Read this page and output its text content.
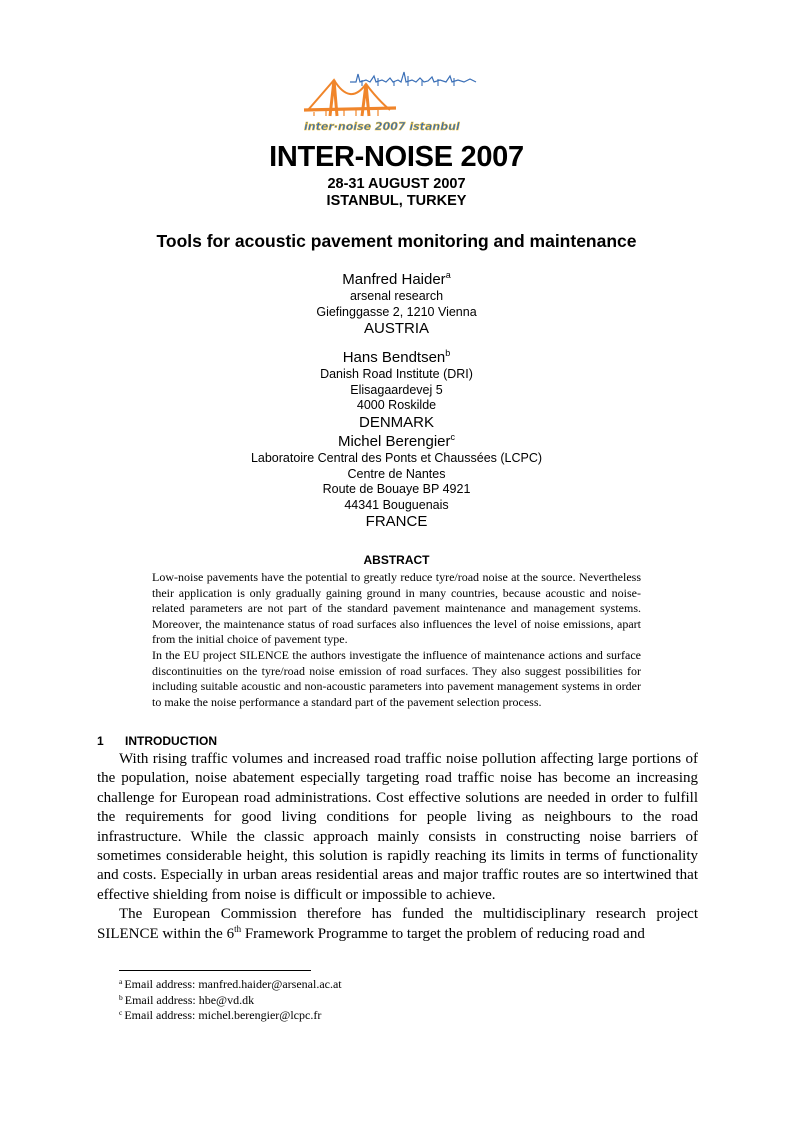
inter·noise 2007 istanbul
INTER-NOISE 2007
28-31 AUGUST 2007
ISTANBUL, TURKEY
Tools for acoustic pavement monitoring and maintenance
Manfred Haider$^a$
arsenal research
Giefinggasse 2, 1210 Vienna
AUSTRIA
Hans Bendtsen$^b$
Danish Road Institute (DRI)
Elisagaardevej 5
4000 Roskilde
DENMARK
Michel Berengier$^c$
Laboratoire Central des Ponts et Chaussées (LCPC)
Centre de Nantes
Route de Bouaye BP 4921
44341 Bouguenais
FRANCE
ABSTRACT

Low-noise pavements have the potential to greatly reduce tyre/road noise at the source. Nevertheless their application is only gradually gaining ground in many countries, because acoustic and noise-related parameters are not part of the standard pavement maintenance and management systems. Moreover, the maintenance status of road surfaces also influences the level of noise emissions, apart from the initial choice of pavement type.

In the EU project SILENCE the authors investigate the influence of maintenance actions and surface discontinuities on the tyre/road noise emission of road surfaces. They also suggest possibilities for including suitable acoustic and non-acoustic parameters into pavement management systems in order to make the noise performance a standard part of the pavement selection process.

1 INTRODUCTION

With rising traffic volumes and increased road traffic noise pollution affecting large portions of the population, noise abatement especially targeting road traffic noise has become an increasing challenge for European road administrations. Cost effective solutions are needed in order to fulfill the requirements for good living conditions for people living as neighbours to the road infrastructure. While the classic approach mainly consists in constructing noise barriers of sometimes considerable height, this solution is rapidly reaching its limits in terms of functionality and costs. Especially in urban areas residential areas and major traffic routes are so intertwined that effective shielding from noise is difficult or impossible to achieve.

The European Commission therefore has funded the multidisciplinary research project SILENCE within the 6th Framework Programme to target the problem of reducing road and

$^a$ Email address: manfred.haider@arsenal.ac.at
$^b$ Email address: hbe@vd.dk
$^c$ Email address: michel.berengier@lcpc.fr
